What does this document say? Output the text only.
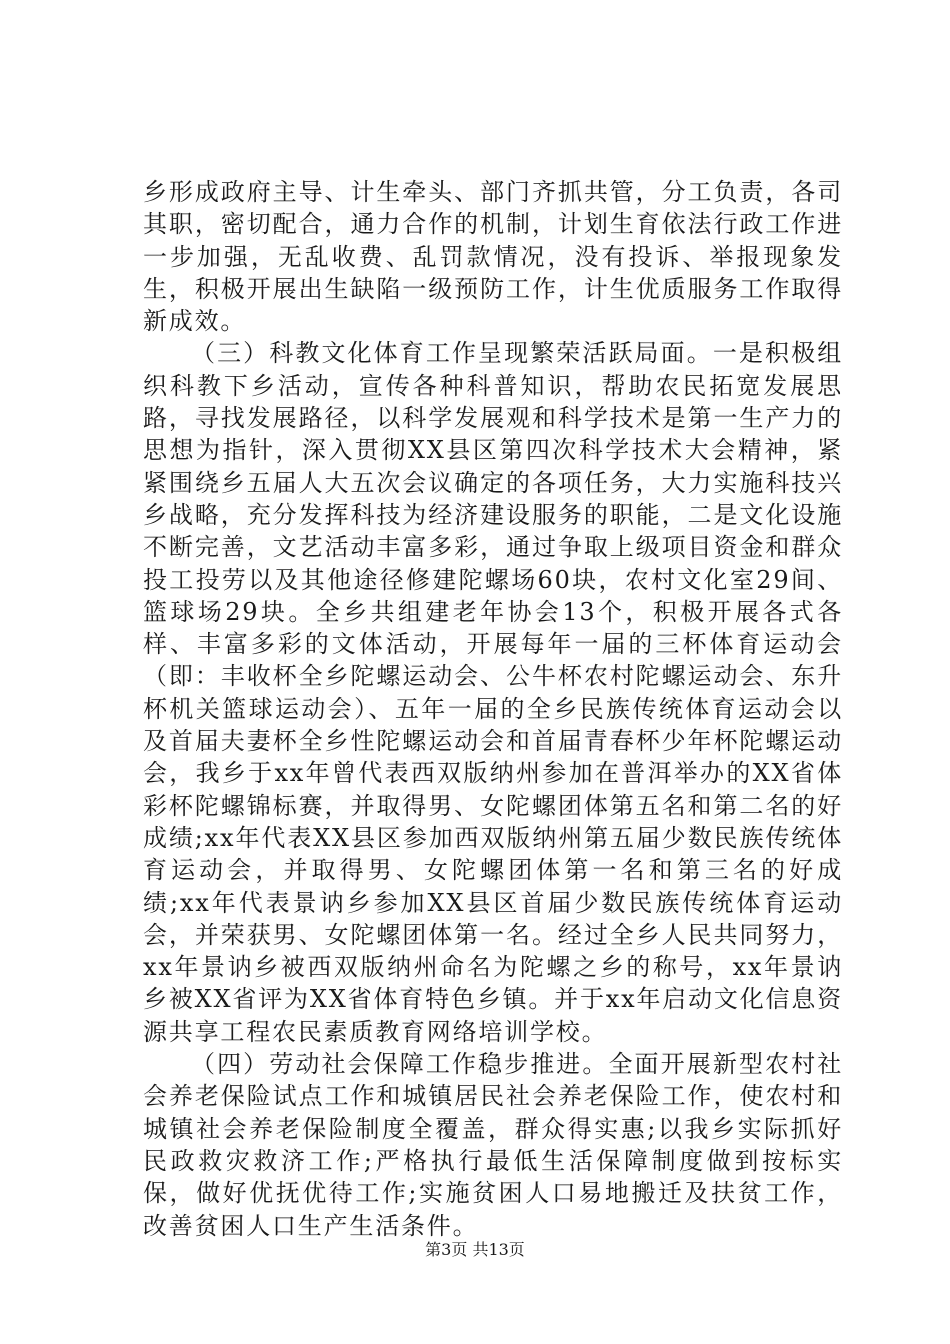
乡形成政府主导、计生牵头、部门齐抓共管，分工负责，各司其职，密切配合，通力合作的机制，计划生育依法行政工作进一步加强，无乱收费、乱罚款情况，没有投诉、举报现象发生，积极开展出生缺陷一级预防工作，计生优质服务工作取得新成效。

（三）科教文化体育工作呈现繁荣活跃局面。一是积极组织科教下乡活动，宣传各种科普知识，帮助农民拓宽发展思路，寻找发展路径，以科学发展观和科学技术是第一生产力的思想为指针，深入贯彻XX县区第四次科学技术大会精神，紧紧围绕乡五届人大五次会议确定的各项任务，大力实施科技兴乡战略，充分发挥科技为经济建设服务的职能，二是文化设施不断完善，文艺活动丰富多彩，通过争取上级项目资金和群众投工投劳以及其他途径修建陀螺场60块，农村文化室29间、篮球场29块。全乡共组建老年协会13个，积极开展各式各样、丰富多彩的文体活动，开展每年一届的三杯体育运动会（即：丰收杯全乡陀螺运动会、公牛杯农村陀螺运动会、东升杯机关篮球运动会）、五年一届的全乡民族传统体育运动会以及首届夫妻杯全乡性陀螺运动会和首届青春杯少年杯陀螺运动会，我乡于xx年曾代表西双版纳州参加在普洱举办的XX省体彩杯陀螺锦标赛，并取得男、女陀螺团体第五名和第二名的好成绩;xx年代表XX县区参加西双版纳州第五届少数民族传统体育运动会，并取得男、女陀螺团体第一名和第三名的好成绩;xx年代表景讷乡参加XX县区首届少数民族传统体育运动会，并荣获男、女陀螺团体第一名。经过全乡人民共同努力，xx年景讷乡被西双版纳州命名为陀螺之乡的称号，xx年景讷乡被XX省评为XX省体育特色乡镇。并于xx年启动文化信息资源共享工程农民素质教育网络培训学校。

（四）劳动社会保障工作稳步推进。全面开展新型农村社会养老保险试点工作和城镇居民社会养老保险工作，使农村和城镇社会养老保险制度全覆盖，群众得实惠;以我乡实际抓好民政救灾救济工作;严格执行最低生活保障制度做到按标实保，做好优抚优待工作;实施贫困人口易地搬迁及扶贫工作，改善贫困人口生产生活条件。

第3页 共13页
